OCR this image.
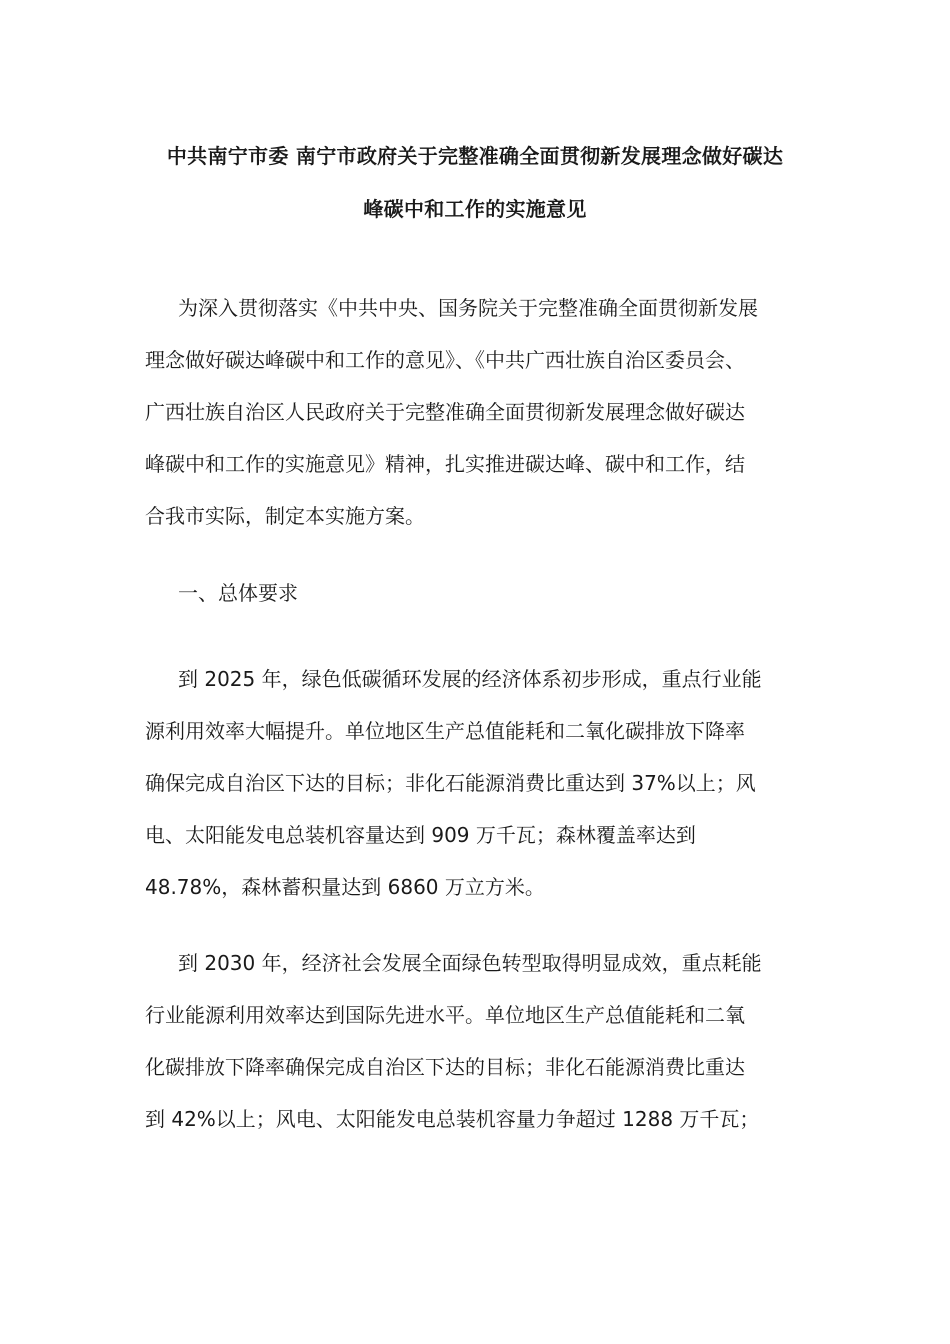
中共南宁市委 南宁市政府关于完整准确全面贯彻新发展理念做好碳达
峰碳中和工作的实施意见
为深入贯彻落实《中共中央、国务院关于完整准确全面贯彻新发展
理念做好碳达峰碳中和工作的意见》、《中共广西壮族自治区委员会、
广西壮族自治区人民政府关于完整准确全面贯彻新发展理念做好碳达
峰碳中和工作的实施意见》精神，扎实推进碳达峰、碳中和工作，结
合我市实际，制定本实施方案。
一、总体要求
到 2025 年，绿色低碳循环发展的经济体系初步形成，重点行业能
源利用效率大幅提升。单位地区生产总值能耗和二氧化碳排放下降率
确保完成自治区下达的目标；非化石能源消费比重达到 37%以上；风
电、太阳能发电总装机容量达到 909 万千瓦；森林覆盖率达到
48.78%，森林蓄积量达到 6860 万立方米。
到 2030 年，经济社会发展全面绿色转型取得明显成效，重点耗能
行业能源利用效率达到国际先进水平。单位地区生产总值能耗和二氧
化碳排放下降率确保完成自治区下达的目标；非化石能源消费比重达
到 42%以上；风电、太阳能发电总装机容量力争超过 1288 万千瓦；
